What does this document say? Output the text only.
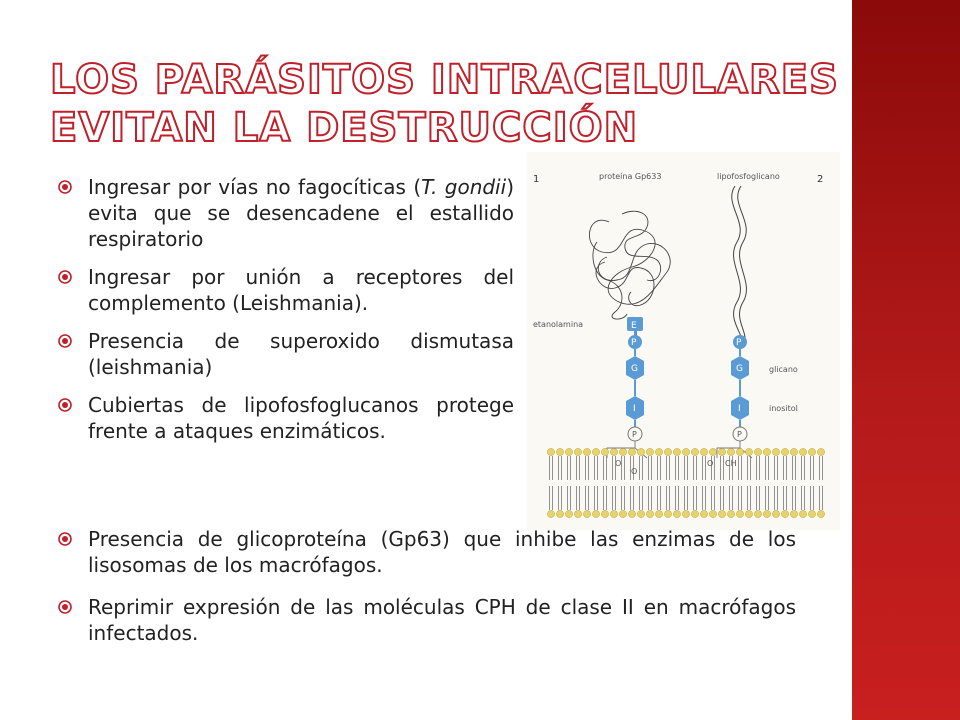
LOS PARÁSITOS INTRACELULARES EVITAN LA DESTRUCCIÓN
Ingresar por vías no fagocíticas (T. gondii) evita que se desencadene el estallido respiratorio
Ingresar por unión a receptores del complemento (Leishmania).
Presencia de superoxido dismutasa (leishmania)
Cubiertas de lipofosfoglucanos protege frente a ataques enzimáticos.
1	proteína Gp633	lipofosfoglicano	2
E
etanolamina
P
G
I
P
P
G	glicano
I	inositol
P
O
O
O CH
Presencia de glicoproteína (Gp63) que inhibe las enzimas de los lisosomas de los macrófagos.
Reprimir expresión de las moléculas CPH de clase II en macrófagos infectados.
